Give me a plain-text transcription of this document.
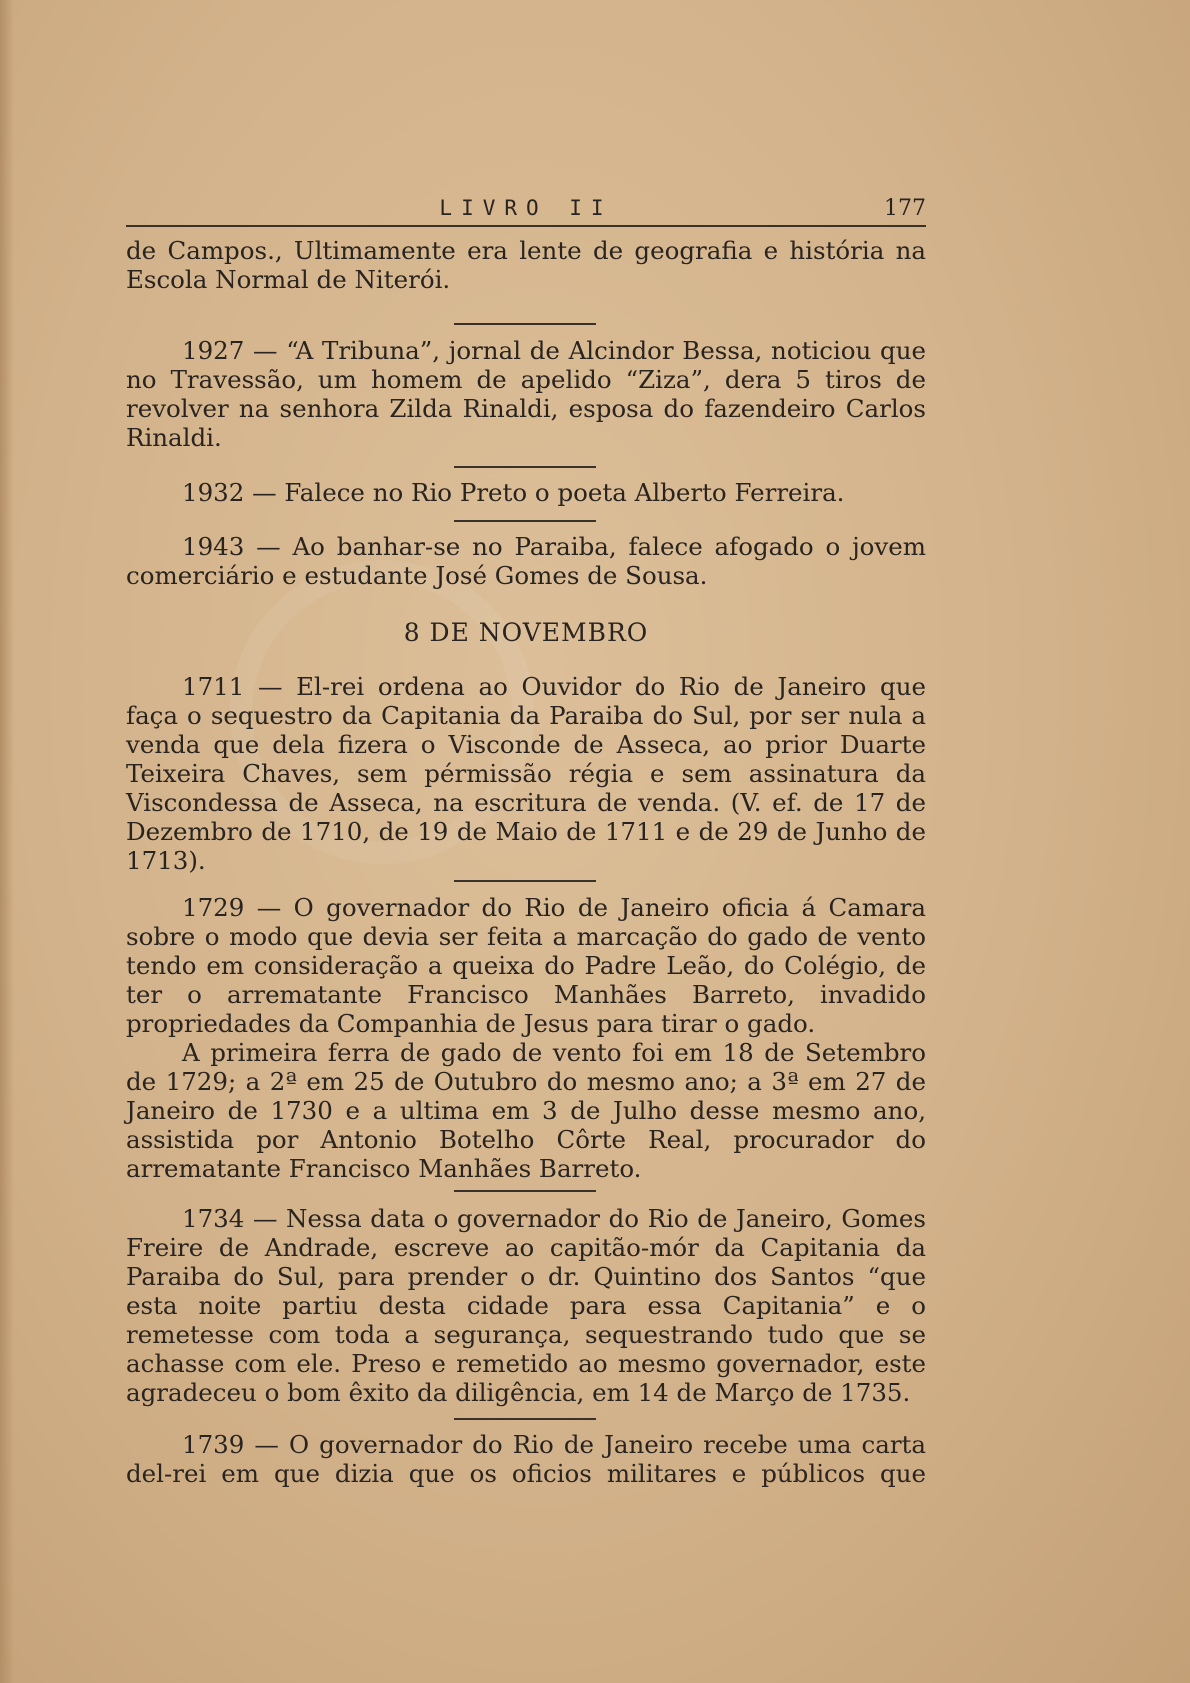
LIVRO II	177

de Campos., Ultimamente era lente de geografia e história na Escola Normal de Niterói.

1927 — “A Tribuna”, jornal de Alcindor Bessa, noticiou que no Travessão, um homem de apelido “Ziza”, dera 5 tiros de revolver na senhora Zilda Rinaldi, esposa do fazendeiro Carlos Rinaldi.

1932 — Falece no Rio Preto o poeta Alberto Ferreira.

1943 — Ao banhar-se no Paraiba, falece afogado o jovem comerciário e estudante José Gomes de Sousa.

8 DE NOVEMBRO

1711 — El-rei ordena ao Ouvidor do Rio de Janeiro que faça o sequestro da Capitania da Paraiba do Sul, por ser nula a venda que dela fizera o Visconde de Asseca, ao prior Duarte Teixeira Chaves, sem pérmissão régia e sem assinatura da Viscondessa de Asseca, na escritura de venda. (V. ef. de 17 de Dezembro de 1710, de 19 de Maio de 1711 e de 29 de Junho de 1713).

1729 — O governador do Rio de Janeiro oficia á Camara sobre o modo que devia ser feita a marcação do gado de vento tendo em consideração a queixa do Padre Leão, do Colégio, de ter o arrematante Francisco Manhães Barreto, invadido propriedades da Companhia de Jesus para tirar o gado.

A primeira ferra de gado de vento foi em 18 de Setembro de 1729; a 2ª em 25 de Outubro do mesmo ano; a 3ª em 27 de Janeiro de 1730 e a ultima em 3 de Julho desse mesmo ano, assistida por Antonio Botelho Côrte Real, procurador do arrematante Francisco Manhães Barreto.

1734 — Nessa data o governador do Rio de Janeiro, Gomes Freire de Andrade, escreve ao capitão-mór da Capitania da Paraiba do Sul, para prender o dr. Quintino dos Santos “que esta noite partiu desta cidade para essa Capitania” e o remetesse com toda a segurança, sequestrando tudo que se achasse com ele. Preso e remetido ao mesmo governador, este agradeceu o bom êxito da diligência, em 14 de Março de 1735.

1739 — O governador do Rio de Janeiro recebe uma carta del-rei em que dizia que os oficios militares e públicos que
